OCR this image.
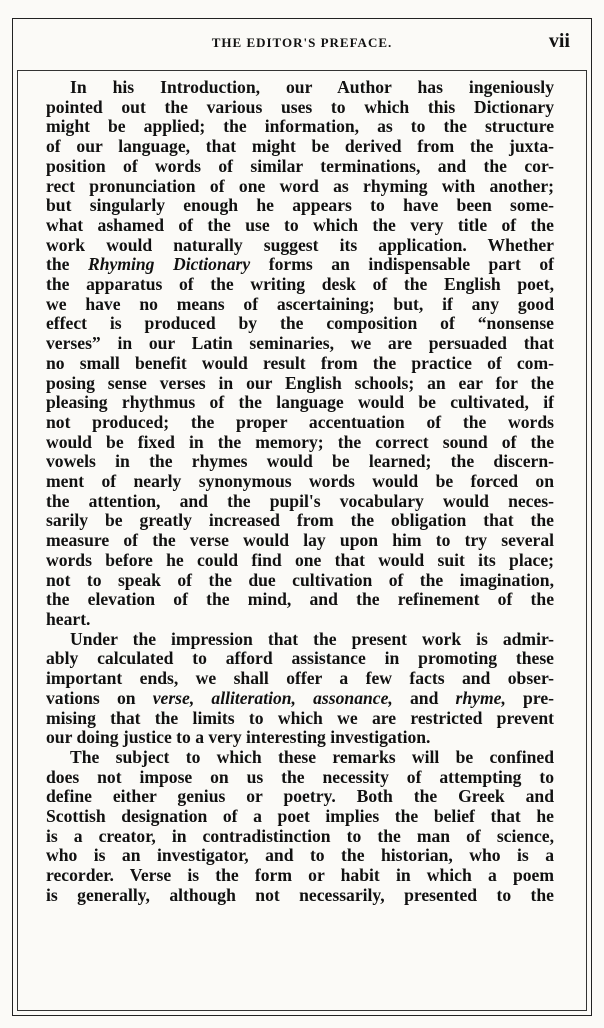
THE EDITOR'S PREFACE.	vii
In his Introduction, our Author has ingeniously
pointed out the various uses to which this Dictionary
might be applied; the information, as to the structure
of our language, that might be derived from the juxta-
position of words of similar terminations, and the cor-
rect pronunciation of one word as rhyming with another;
but singularly enough he appears to have been some-
what ashamed of the use to which the very title of the
work would naturally suggest its application. Whether
the Rhyming Dictionary forms an indispensable part of
the apparatus of the writing desk of the English poet,
we have no means of ascertaining; but, if any good
effect is produced by the composition of “nonsense
verses” in our Latin seminaries, we are persuaded that
no small benefit would result from the practice of com-
posing sense verses in our English schools; an ear for the
pleasing rhythmus of the language would be cultivated, if
not produced; the proper accentuation of the words
would be fixed in the memory; the correct sound of the
vowels in the rhymes would be learned; the discern-
ment of nearly synonymous words would be forced on
the attention, and the pupil's vocabulary would neces-
sarily be greatly increased from the obligation that the
measure of the verse would lay upon him to try several
words before he could find one that would suit its place;
not to speak of the due cultivation of the imagination,
the elevation of the mind, and the refinement of the
heart.
Under the impression that the present work is admir-
ably calculated to afford assistance in promoting these
important ends, we shall offer a few facts and obser-
vations on verse, alliteration, assonance, and rhyme, pre-
mising that the limits to which we are restricted prevent
our doing justice to a very interesting investigation.
The subject to which these remarks will be confined
does not impose on us the necessity of attempting to
define either genius or poetry. Both the Greek and
Scottish designation of a poet implies the belief that he
is a creator, in contradistinction to the man of science,
who is an investigator, and to the historian, who is a
recorder. Verse is the form or habit in which a poem
is generally, although not necessarily, presented to the
